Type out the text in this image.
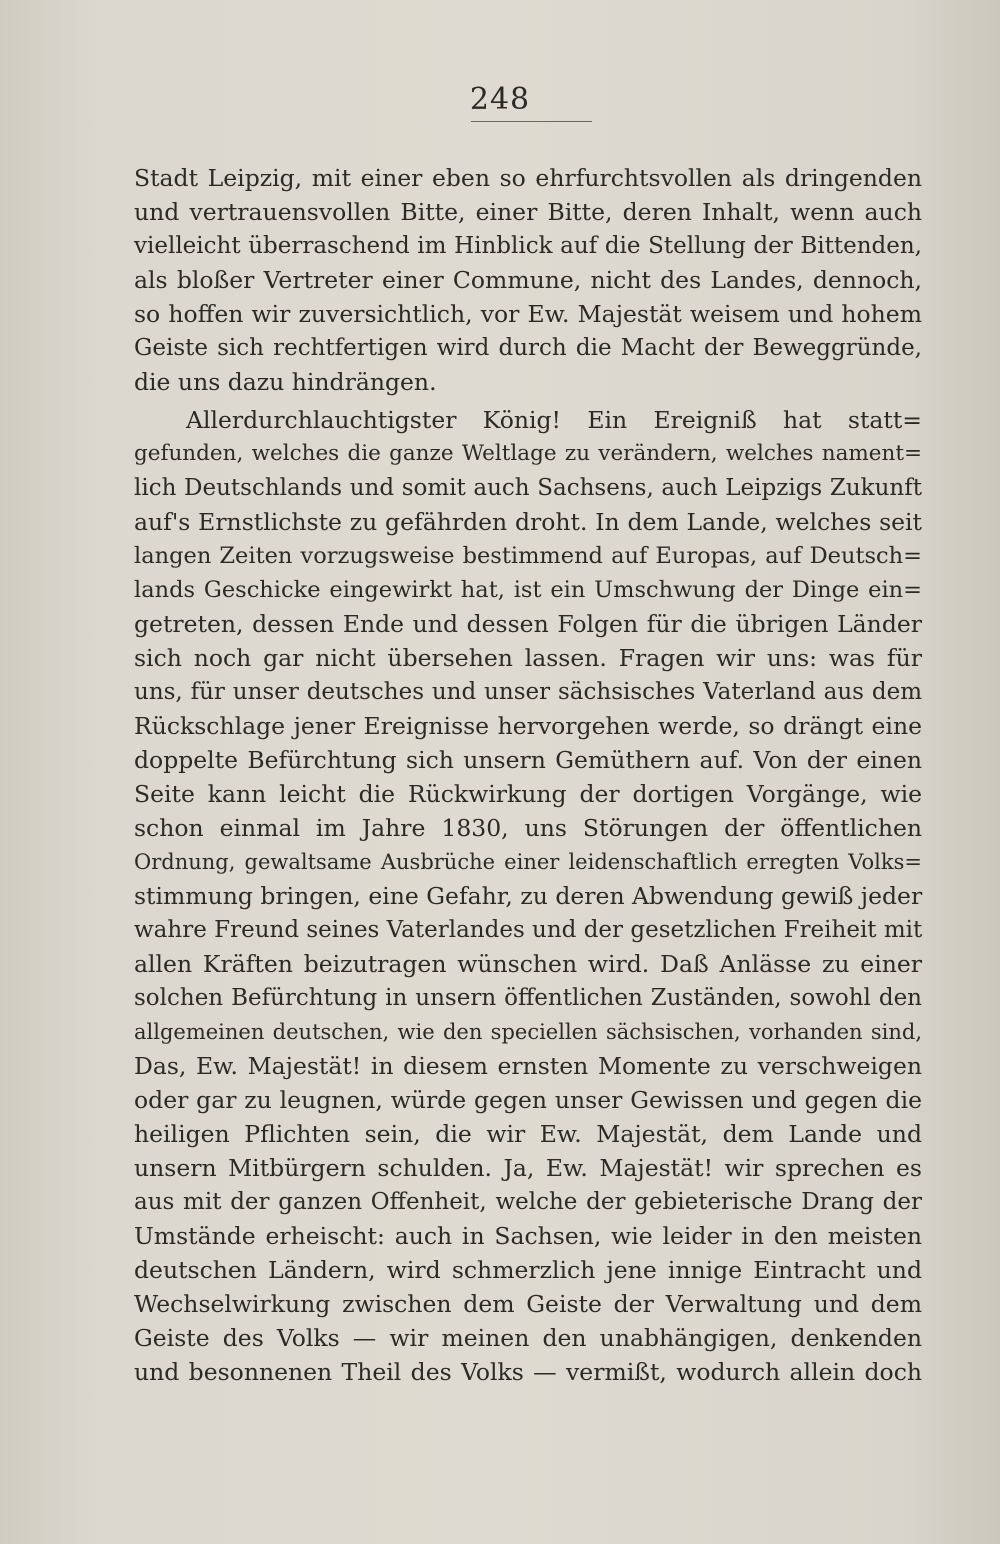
248
Stadt Leipzig, mit einer eben so ehrfurchtsvollen als dringenden
und vertrauensvollen Bitte, einer Bitte, deren Inhalt, wenn auch
vielleicht überraschend im Hinblick auf die Stellung der Bittenden,
als bloßer Vertreter einer Commune, nicht des Landes, dennoch,
so hoffen wir zuversichtlich, vor Ew. Majestät weisem und hohem
Geiste sich rechtfertigen wird durch die Macht der Beweggründe,
die uns dazu hindrängen.
Allerdurchlauchtigster König! Ein Ereigniß hat statt=
gefunden, welches die ganze Weltlage zu verändern, welches nament=
lich Deutschlands und somit auch Sachsens, auch Leipzigs Zukunft
auf's Ernstlichste zu gefährden droht. In dem Lande, welches seit
langen Zeiten vorzugsweise bestimmend auf Europas, auf Deutsch=
lands Geschicke eingewirkt hat, ist ein Umschwung der Dinge ein=
getreten, dessen Ende und dessen Folgen für die übrigen Länder
sich noch gar nicht übersehen lassen. Fragen wir uns: was für
uns, für unser deutsches und unser sächsisches Vaterland aus dem
Rückschlage jener Ereignisse hervorgehen werde, so drängt eine
doppelte Befürchtung sich unsern Gemüthern auf. Von der einen
Seite kann leicht die Rückwirkung der dortigen Vorgänge, wie
schon einmal im Jahre 1830, uns Störungen der öffentlichen
Ordnung, gewaltsame Ausbrüche einer leidenschaftlich erregten Volks=
stimmung bringen, eine Gefahr, zu deren Abwendung gewiß jeder
wahre Freund seines Vaterlandes und der gesetzlichen Freiheit mit
allen Kräften beizutragen wünschen wird. Daß Anlässe zu einer
solchen Befürchtung in unsern öffentlichen Zuständen, sowohl den
allgemeinen deutschen, wie den speciellen sächsischen, vorhanden sind,
Das, Ew. Majestät! in diesem ernsten Momente zu verschweigen
oder gar zu leugnen, würde gegen unser Gewissen und gegen die
heiligen Pflichten sein, die wir Ew. Majestät, dem Lande und
unsern Mitbürgern schulden. Ja, Ew. Majestät! wir sprechen es
aus mit der ganzen Offenheit, welche der gebieterische Drang der
Umstände erheischt: auch in Sachsen, wie leider in den meisten
deutschen Ländern, wird schmerzlich jene innige Eintracht und
Wechselwirkung zwischen dem Geiste der Verwaltung und dem
Geiste des Volks — wir meinen den unabhängigen, denkenden
und besonnenen Theil des Volks — vermißt, wodurch allein doch
